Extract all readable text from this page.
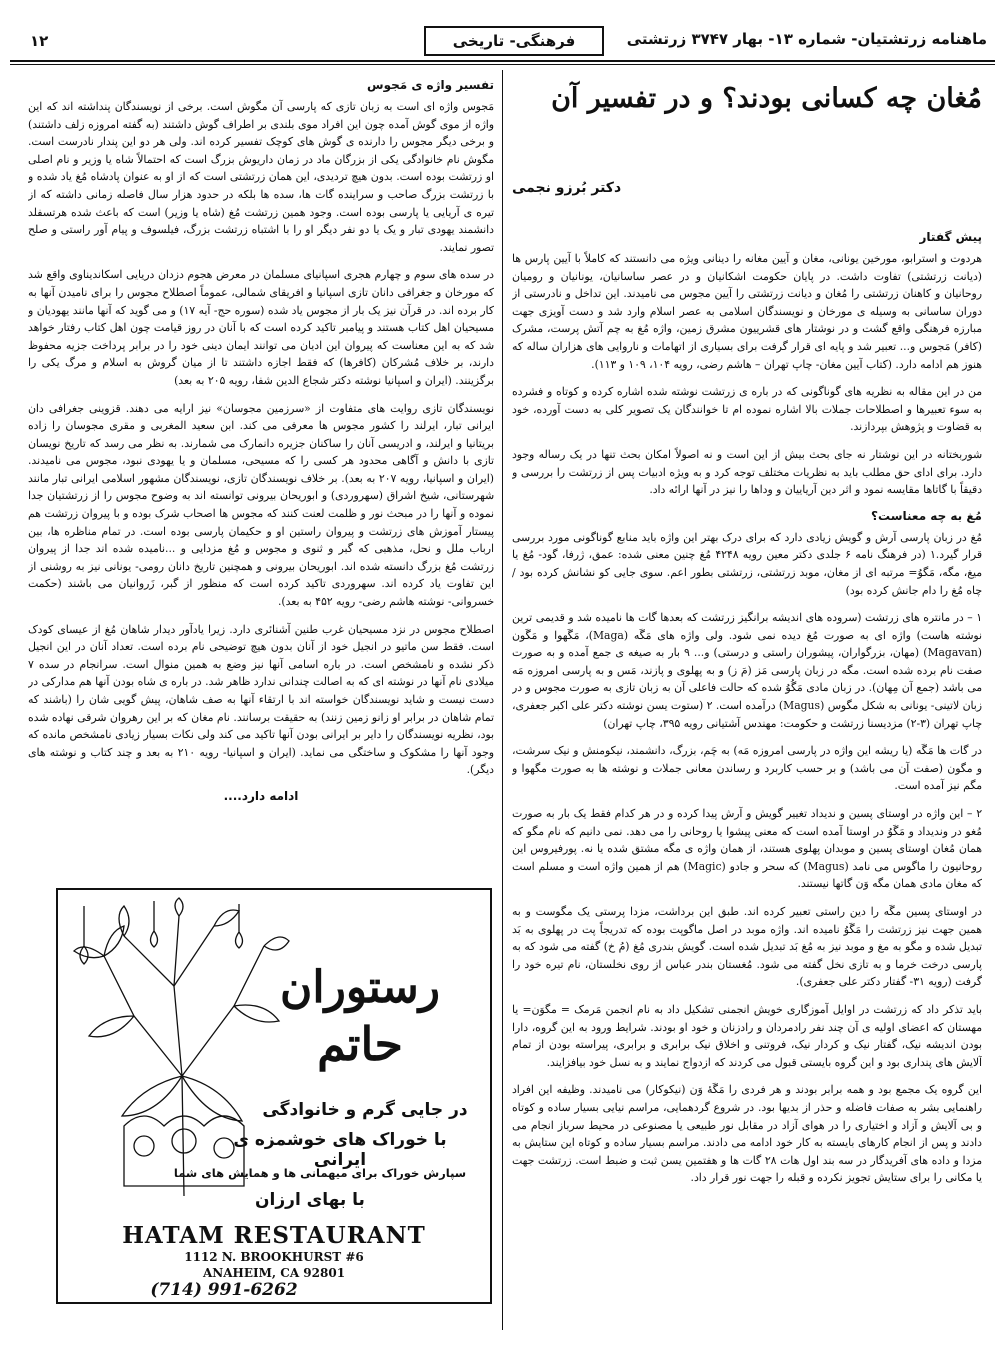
ماهنامه زرتشتیان- شماره ۱۳- بهار ۳۷۴۷ زرتشتی
فرهنگی- تاریخی
۱۲
مُغان چه کسانی بودند؟ و در تفسیر آن
دکتر بُرزو نجمی
پیش گفتار

هردوت و استرابو، مورخین یونانی، مغان و آیین مغانه را دینانی ویژه می دانستند که کاملاً با آیین پارس ها (دیانت زرتشتی) تفاوت داشت. در پایان حکومت اشکانیان و در عصر ساسانیان، یونانیان و رومیان روحانیان و کاهنان زرتشتی را مُغان و دیانت زرتشتی را آیین مجوس می نامیدند. این تداخل و نادرستی از دوران ساسانی به وسیله ی مورخان و نویسندگان اسلامی به عصر اسلام وارد شد و دست آویزی جهت مبارزه فرهنگی واقع گشت و در نوشتار های قشرییون مشرق زمین، واژه مُغ به چم آتش پرست، مشرک (کافر) مَجوس و... تعبیر شد و پایه ای قرار گرفت برای بسیاری از اتهامات و ناروایی های هزاران ساله که هنوز هم ادامه دارد. (کتاب آیین مغان- چاپ تهران – هاشم رضی، رویه ۱۰۴، ۱۰۹ و ۱۱۳).

من در این مقاله به نظریه های گوناگونی که در باره ی زرتشت نوشته شده اشاره کرده و کوتاه و فشرده به سوء تعبیرها و اصطلاحات جملات بالا اشاره نموده ام تا خوانندگان یک تصویر کلی به دست آورده، خود به قضاوت و پژوهش بپردازند.

شوربختانه در این نوشتار نه جای بحث بیش از این است و نه اصولاً امکان بحث تنها در یک رساله وجود دارد. برای ادای حق مطلب باید به نظریات مختلف توجه کرد و به ویژه ادبیات پس از زرتشت را بررسی و دقیقاً با گاتاها مقایسه نمود و اثر دین آریاییان و وداها را نیز در آنها ارائه داد.

مُغ به چه معناست؟

مُغ در زبان پارسی آرش و گویش زیادی دارد که برای درک بهتر این واژه باید منابع گوناگونی مورد بررسی قرار گیرد.۱ (در فرهنگ نامه ۶ جلدی دکتر معین رویه ۴۲۴۸ مُغ چنین معنی شده: عمق، ژرفا، گود- مُغ یا میغ، مگه، مَگوُ= مرتبه ای از مغان، موبد زرتشتی، زرتشتی بطور اعم. سوی جایی کو نشانش کرده بود / چاه مُغ را دام جانش کرده بود)

۱ – در مانتره های زرتشت (سروده های اندیشه برانگیز زرتشت که بعدها گات ها نامیده شد و قدیمی ترین نوشته هاست) واژه ای به صورت مُغ دیده نمی شود. ولی واژه های مَگَه (Maga)، مَگَهوا و مَگَون (Magavan) (مهان، بزرگواران، پیشوران راستی و درستی) و... ۹ بار به صیغه ی جمع آمده و به صورت صفت نام برده شده است. مگه در زبان پارسی مَز (مَ ز) و به پهلوی و پازند، مَس و به پارسی امروزه مَه می باشد (جمع آن مِهان). در زبان مادی مَگُوُ شده که حالت فاعلی آن به زبان تازی به صورت مجوس و در زبان لاتینی- یونانی به شکل مگوس (Magus) درآمده است. ۲ (ستوت یسن نوشته دکتر علی اکبر جعفری، چاپ تهران (۳-۲) مزدیسنا زرتشت و حکومت: مهندس آشتیانی رویه ۳۹۵، چاپ تهران)

در گات ها مَگَه (یا ریشه این واژه در پارسی امروزه مَه) به چَم، بزرگ، دانشمند، نیکومنش و نیک سرشت، و مگون (صفت آن می باشد) و بر حسب کاربرد و رساندن معانی جملات و نوشته ها به صورت مگهوا و مگم نیز آمده است.

۲ – این واژه در اوستای پسین و ندیداد تغییر گویش و آرش پیدا کرده و در هر کدام فقط یک بار به صورت مُغو در وندیداد و مَگَوُ در اوستا آمده است که معنی پیشوا یا روحانی را می دهد. نمی دانیم که نام مگو که همان مُغان اوستای پسین و موبدان پهلوی هستند، از همان واژه ی مگه مشتق شده یا نه. پورفیروس این روحانیون را ماگوس می نامد (Magus) که سحر و جادو (Magic) هم از همین واژه است و مسلم است که مغان مادی همان مگه وَن گاتها نیستند.

در اوستای پسین مگَه را دین راستی تعبیر کرده اند. طبق این برداشت، مزدا پرستی یک مگوست و به همین جهت نیز زرتشت را مَگَوُ نامیده اند. واژه موبد در اصل ماگوپت بوده که تدریجاً پت در پهلوی به بَد تبدیل شده و مگو به مغ و موبد نیز به مُغ بَد تبدیل شده است. گویش بندری مُغ (مُ خ) گفته می شود که به پارسی درخت خرما و به تازی نخل گفته می شود. مُغستان بندر عباس از روی نخلستان، نام تیره خود را گرفت (رویه ۳۱- گفتار دکتر علی جعفری).

باید تذکر داد که زرتشت در اوایل آموزگاری خویش انجمنی تشکیل داد به نام انجمن مَرمک = مگوَن= یا مهستان که اعضای اولیه ی آن چند نفر رادمردان و رادزنان و خود او بودند. شرایط ورود به این گروه، دارا بودن اندیشه نیک، گفتار نیک و کردار نیک، فروتنی و اخلاق نیک برابری و برابری، پیراسته بودن از تمام آلایش های پنداری بود و این گروه بایستی قبول می کردند که ازدواج نمایند و به نسل خود بیافزایند.

این گروه یک مجمع بود و همه برابر بودند و هر فردی را مَگَهٔ وَن (نیکوکار) می نامیدند. وظیفه این افراد راهنمایی بشر به صفات فاضله و حذر از بدیها بود. در شروع گردهمایی، مراسم نیایی بسیار ساده و کوتاه و بی آلایش و آزاد و اختیاری را در هوای آزاد در مقابل نور طبیعی یا مصنوعی در محیط سرباز انجام می دادند و پس از انجام کارهای بایسته به کار خود ادامه می دادند. مراسم بسیار ساده و کوتاه این ستایش به مزدا و داده های آفریدگار در سه بند اول هات ۲۸ گات ها و هفتمین یسن ثبت و ضبط است. زرتشت جهت یا مکانی را برای ستایش تجویز نکرده و قبله را جهت نور قرار داد.

تفسیر واژه ی مَجوس

مَجوس واژه ای است به زبان تازی که پارسی آن مگوش است. برخی از نویسندگان پنداشته اند که این واژه از موی گوش آمده چون این افراد موی بلندی بر اطراف گوش داشتند (به گفته امروزه زلف داشتند) و برخی دیگر مجوس را دارنده ی گوش های کوچک تفسیر کرده اند. ولی هر دو این پندار نادرست است. مگوش نام خانوادگی یکی از بزرگان ماد در زمان داریوش بزرگ است که احتمالاً شاه یا وزیر و نام اصلی او زرتشت بوده است. بدون هیچ تردیدی، این همان زرتشتی است که از او به عنوان پادشاه مُغ یاد شده و با زرتشت بزرگ صاحب و سراینده گات ها، سده ها بلکه در حدود هزار سال فاصله زمانی داشته که از تیره ی آریایی یا پارسی بوده است. وجود همین زرتشت مُغ (شاه یا وزیر) است که باعث شده هرتسفلد دانشمند یهودی تبار و یک یا دو نفر دیگر او را با اشتباه زرتشت بزرگ، فیلسوف و پیام آور راستی و صلح تصور نمایند.

در سده های سوم و چهارم هجری اسپانیای مسلمان در معرض هجوم دزدان دریایی اسکاندیناوی واقع شد که مورخان و جغرافی دانان تازی اسپانیا و افریقای شمالی، عموماً اصطلاح مجوس را برای نامیدن آنها به کار برده اند. در قرآن نیز یک بار از مجوس یاد شده (سوره حج- آیه ۱۷) و می گوید که آنها مانند یهودیان و مسیحیان اهل کتاب هستند و پیامبر تاکید کرده است که با آنان در روز قیامت چون اهل کتاب رفتار خواهد شد که به این معناست که پیروان این ادیان می توانند ایمان دینی خود را در برابر پرداخت جزیه محفوظ دارند، بر خلاف مُشرکان (کافرها) که فقط اجازه داشتند تا از میان گروش به اسلام و مرگ یکی را برگزینند. (ایران و اسپانیا نوشته دکتر شجاع الدین شفا، رویه ۲۰۵ به بعد)

نویسندگان تازی روایت های متفاوت از «سرزمین مجوسان» نیز ارایه می دهند. قزوینی جغرافی دان ایرانی تبار، ایرلند را کشور مجوس ها معرفی می کند. ابن سعید المغربی و مقری مجوسان را زاده بریتانیا و ایرلند، و ادریسی آنان را ساکنان جزیره دانمارک می شمارند. به نظر می رسد که تاریخ نویسان تازی با دانش و آگاهی محدود هر کسی را که مسیحی، مسلمان و یا یهودی نبود، مجوس می نامیدند. (ایران و اسپانیا، رویه ۲۰۷ به بعد). بر خلاف نویسندگان تازی، نویسندگان مشهور اسلامی ایرانی تبار مانند شهرستانی، شیخ اشراق (سهروردی) و ابوریحان بیرونی توانسته اند به وضوح مجوس را از زرتشتیان جدا نموده و آنها را در مبحث نور و ظلمت لعنت کنند که مجوس ها اصحاب شرک بوده و با پیروان زرتشت هم پیستار آموزش های زرتشت و پیروان راستین او و حکیمان پارسی بوده است. در تمام مناظره ها، بین ارباب ملل و نحل، مذهبی که گبر و ثنوی و مجوس و مُغ مزدایی و ...نامیده شده اند جدا از پیروان زرتشت مُغ بزرگ دانسته شده اند. ابوریحان بیرونی و همچنین تاریخ دانان رومی- یونانی نیز به روشنی از این تفاوت یاد کرده اند. سهروردی تاکید کرده است که منظور از گبر، زَروانیان می باشند (حکمت خسروانی- نوشته هاشم رضی- رویه ۴۵۲ به بعد).

اصطلاح مجوس در نزد مسیحیان غرب طنین آشنائری دارد. زیرا یادآور دیدار شاهان مُغ از عیسای کودک است. فقط سن ماتیو در انجیل خود از آنان بدون هیچ توضیحی نام برده است. تعداد آنان در این انجیل ذکر نشده و نامشخص است. در باره اسامی آنها نیز وضع به همین منوال است. سرانجام در سده ۷ میلادی نام آنها در نوشته ای که به اصالت چندانی ندارد ظاهر شد. در باره ی شاه بودن آنها هم مدارکی در دست نیست و شاید نویسندگان خواسته اند با ارتقاء آنها به صف شاهان، پیش گویی شان را (باشند که تمام شاهان در برابر او زانو زمین زنند) به حقیقت برسانند. نام مغان که بر این رهروان شرقی نهاده شده بود، نظریه نویسندگان را دایر بر ایرانی بودن آنها تاکید می کند ولی نکات بسیار زیادی نامشخص مانده که وجود آنها را مشکوک و ساختگی می نماید. (ایران و اسپانیا- رویه ۲۱۰ به بعد و چند کتاب و نوشته های دیگر).

ادامه دارد....
رستوران
حاتم
در جایی گرم و خانوادگی
با خوراک های خوشمزه ی ایرانی
سپارش خوراک برای میهمانی ها و همایش های شما
با بهای ارزان
HATAM RESTAURANT
1112 N. BROOKHURST #6
ANAHEIM, CA 92801
(714) 991-6262
